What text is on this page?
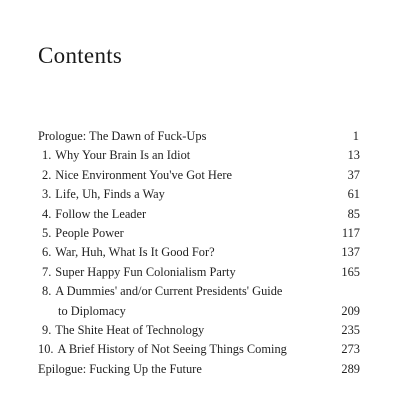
Contents
Prologue: The Dawn of Fuck-Ups	1
1. Why Your Brain Is an Idiot	13
2. Nice Environment You've Got Here	37
3. Life, Uh, Finds a Way	61
4. Follow the Leader	85
5. People Power	117
6. War, Huh, What Is It Good For?	137
7. Super Happy Fun Colonialism Party	165
8. A Dummies' and/or Current Presidents' Guide
to Diplomacy	209
9. The Shite Heat of Technology	235
10. A Brief History of Not Seeing Things Coming	273
Epilogue: Fucking Up the Future	289
